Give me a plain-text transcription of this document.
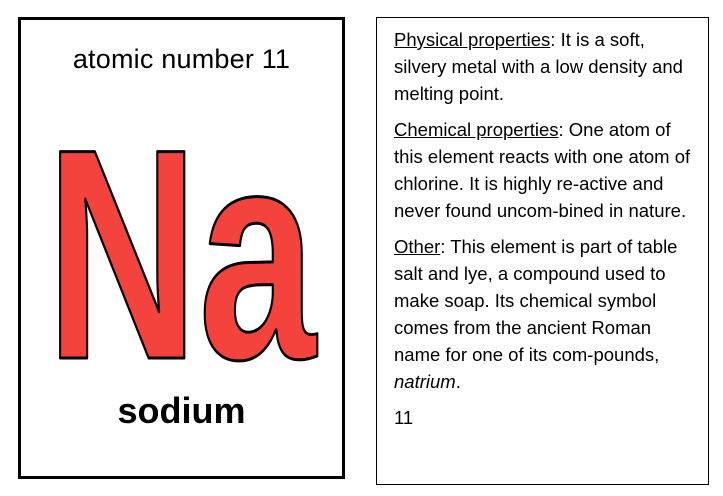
atomic number 11
Na
sodium

Physical properties: It is a soft, silvery metal with a low density and melting point.

Chemical properties: One atom of this element reacts with one atom of chlorine. It is highly re-active and never found uncom-bined in nature.

Other: This element is part of table salt and lye, a compound used to make soap. Its chemical symbol comes from the ancient Roman name for one of its com-pounds, natrium.

11
